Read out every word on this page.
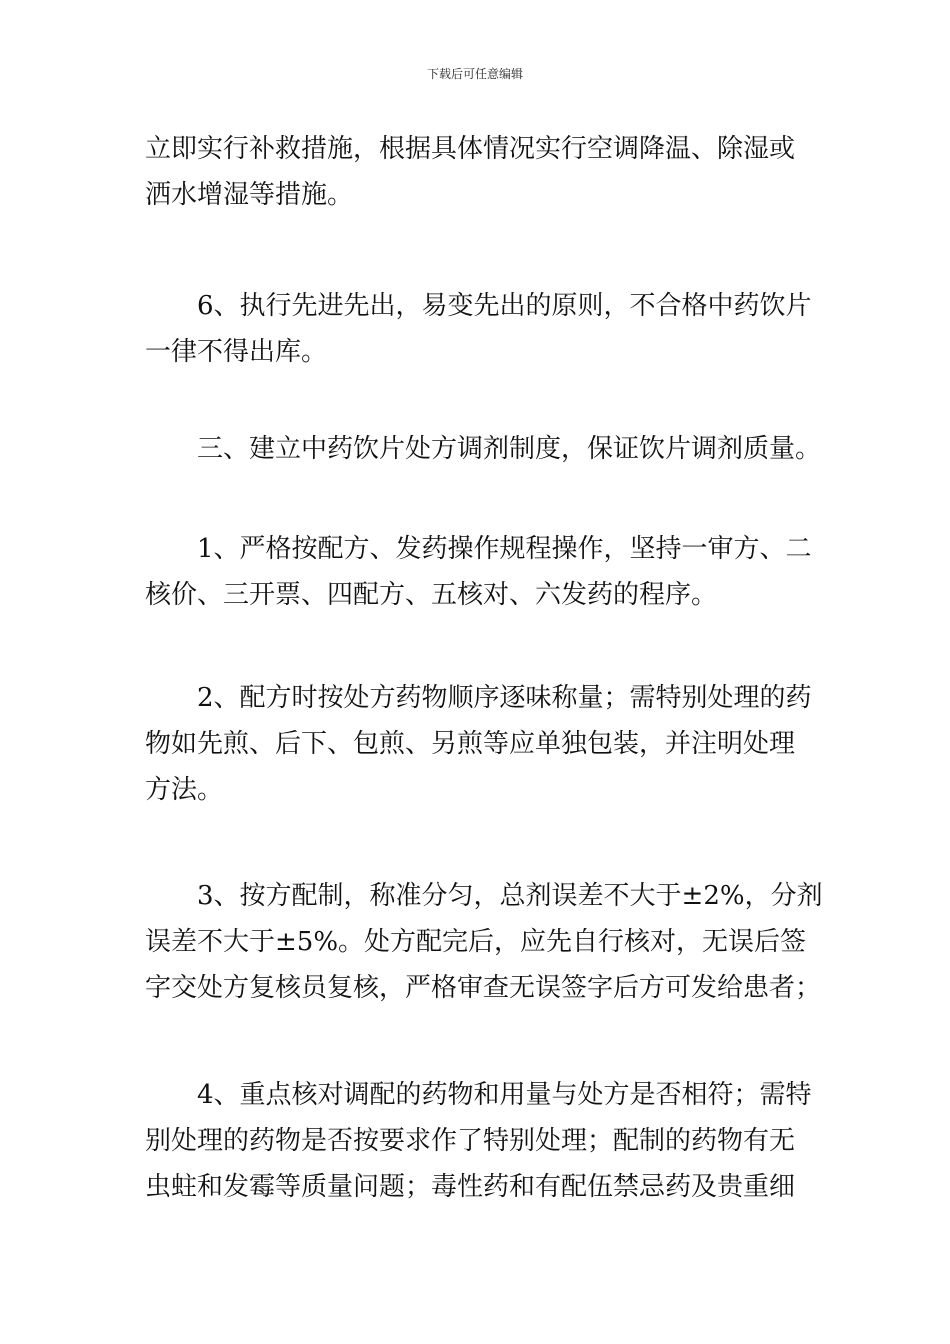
下载后可任意编辑
立即实行补救措施，根据具体情况实行空调降温、除湿或
洒水增湿等措施。
6、执行先进先出，易变先出的原则，不合格中药饮片
一律不得出库。
三、建立中药饮片处方调剂制度，保证饮片调剂质量。
1、严格按配方、发药操作规程操作，坚持一审方、二
核价、三开票、四配方、五核对、六发药的程序。
2、配方时按处方药物顺序逐味称量；需特别处理的药
物如先煎、后下、包煎、另煎等应单独包装，并注明处理
方法。
3、按方配制，称准分匀，总剂误差不大于±2%，分剂
误差不大于±5%。处方配完后，应先自行核对，无误后签
字交处方复核员复核，严格审查无误签字后方可发给患者；
4、重点核对调配的药物和用量与处方是否相符；需特
别处理的药物是否按要求作了特别处理；配制的药物有无
虫蛀和发霉等质量问题；毒性药和有配伍禁忌药及贵重细
